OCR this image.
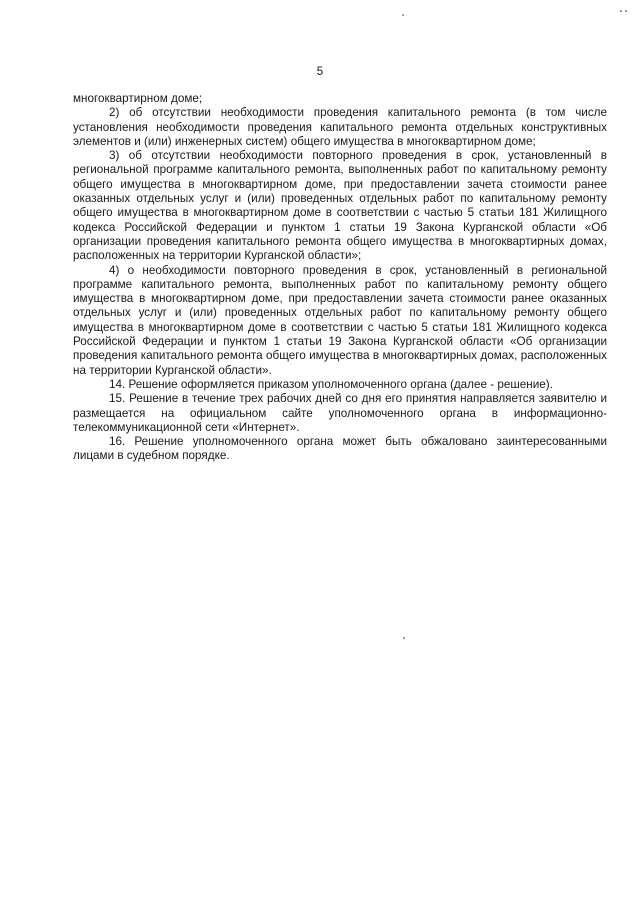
5

многоквартирном доме;

2) об отсутствии необходимости проведения капитального ремонта (в том числе установления необходимости проведения капитального ремонта отдельных конструктивных элементов и (или) инженерных систем) общего имущества в многоквартирном доме;

3) об отсутствии необходимости повторного проведения в срок, установленный в региональной программе капитального ремонта, выполненных работ по капитальному ремонту общего имущества в многоквартирном доме, при предоставлении зачета стоимости ранее оказанных отдельных услуг и (или) проведенных отдельных работ по капитальному ремонту общего имущества в многоквартирном доме в соответствии с частью 5 статьи 181 Жилищного кодекса Российской Федерации и пунктом 1 статьи 19 Закона Курганской области «Об организации проведения капитального ремонта общего имущества в многоквартирных домах, расположенных на территории Курганской области»;

4) о необходимости повторного проведения в срок, установленный в региональной программе капитального ремонта, выполненных работ по капитальному ремонту общего имущества в многоквартирном доме, при предоставлении зачета стоимости ранее оказанных отдельных услуг и (или) проведенных отдельных работ по капитальному ремонту общего имущества в многоквартирном доме в соответствии с частью 5 статьи 181 Жилищного кодекса Российской Федерации и пунктом 1 статьи 19 Закона Курганской области «Об организации проведения капитального ремонта общего имущества в многоквартирных домах, расположенных на территории Курганской области».

14. Решение оформляется приказом уполномоченного органа (далее - решение).

15. Решение в течение трех рабочих дней со дня его принятия направляется заявителю и размещается на официальном сайте уполномоченного органа в информационно-телекоммуникационной сети «Интернет».

16. Решение уполномоченного органа может быть обжаловано заинтересованными лицами в судебном порядке.
